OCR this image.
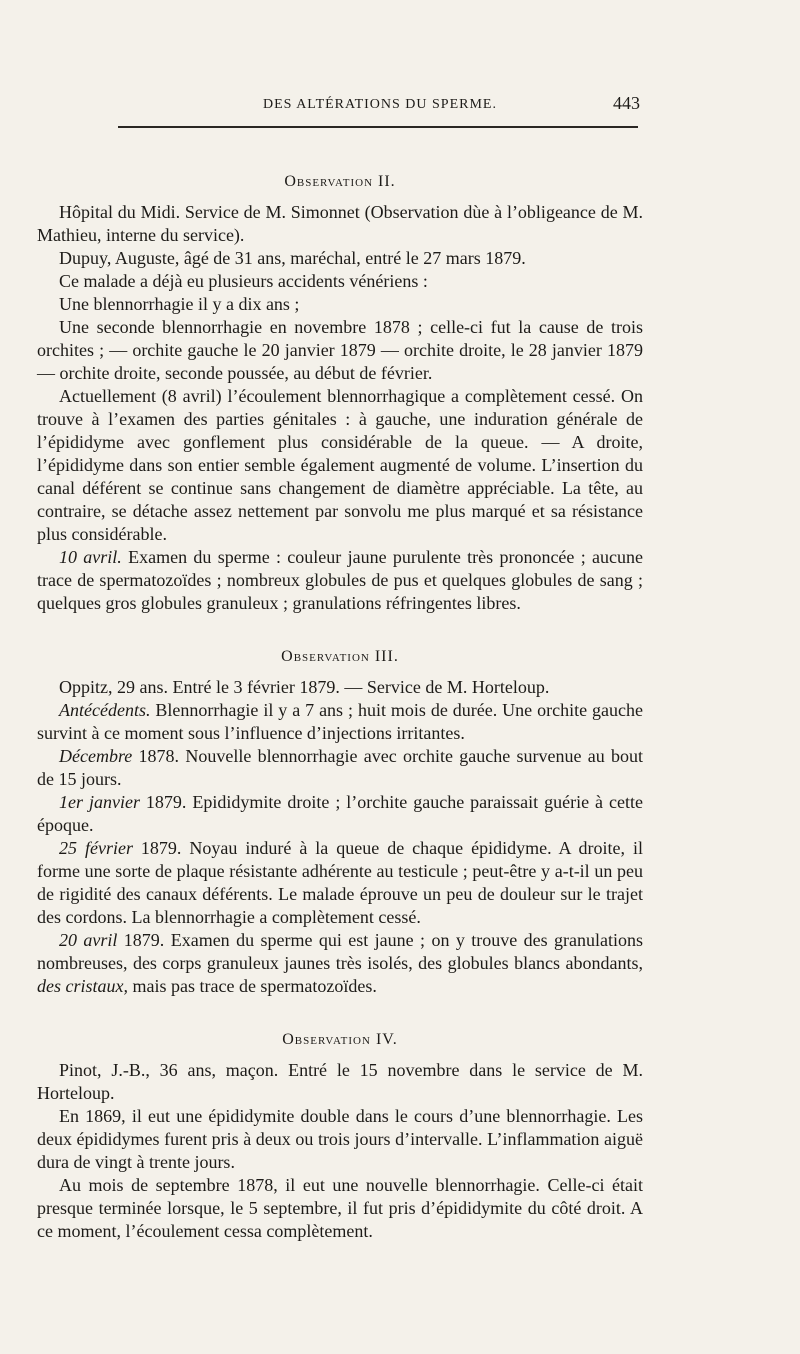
DES ALTÉRATIONS DU SPERME.	443

Observation II.

Hôpital du Midi. Service de M. Simonnet (Observation dùe à l’obligeance de M. Mathieu, interne du service).

Dupuy, Auguste, âgé de 31 ans, maréchal, entré le 27 mars 1879.

Ce malade a déjà eu plusieurs accidents vénériens :

Une blennorrhagie il y a dix ans ;

Une seconde blennorrhagie en novembre 1878 ; celle-ci fut la cause de trois orchites ; — orchite gauche le 20 janvier 1879 — orchite droite, le 28 janvier 1879 — orchite droite, seconde poussée, au début de février.

Actuellement (8 avril) l’écoulement blennorrhagique a complètement cessé. On trouve à l’examen des parties génitales : à gauche, une induration générale de l’épididyme avec gonflement plus considérable de la queue. — A droite, l’épididyme dans son entier semble également augmenté de volume. L’insertion du canal déférent se continue sans changement de diamètre appréciable. La tête, au contraire, se détache assez nettement par sonvolu me plus marqué et sa résistance plus considérable.

10 avril. Examen du sperme : couleur jaune purulente très prononcée ; aucune trace de spermatozoïdes ; nombreux globules de pus et quelques globules de sang ; quelques gros globules granuleux ; granulations réfringentes libres.

Observation III.

Oppitz, 29 ans. Entré le 3 février 1879. — Service de M. Horteloup.

Antécédents. Blennorrhagie il y a 7 ans ; huit mois de durée. Une orchite gauche survint à ce moment sous l’influence d’injections irritantes.

Décembre 1878. Nouvelle blennorrhagie avec orchite gauche survenue au bout de 15 jours.

1er janvier 1879. Epididymite droite ; l’orchite gauche paraissait guérie à cette époque.

25 février 1879. Noyau induré à la queue de chaque épididyme. A droite, il forme une sorte de plaque résistante adhérente au testicule ; peut-être y a-t-il un peu de rigidité des canaux déférents. Le malade éprouve un peu de douleur sur le trajet des cordons. La blennorrhagie a complètement cessé.

20 avril 1879. Examen du sperme qui est jaune ; on y trouve des granulations nombreuses, des corps granuleux jaunes très isolés, des globules blancs abondants, des cristaux, mais pas trace de spermatozoïdes.

Observation IV.

Pinot, J.-B., 36 ans, maçon. Entré le 15 novembre dans le service de M. Horteloup.

En 1869, il eut une épididymite double dans le cours d’une blennorrhagie. Les deux épididymes furent pris à deux ou trois jours d’intervalle. L’inflammation aiguë dura de vingt à trente jours.

Au mois de septembre 1878, il eut une nouvelle blennorrhagie. Celle-ci était presque terminée lorsque, le 5 septembre, il fut pris d’épididymite du côté droit. A ce moment, l’écoulement cessa complètement.
